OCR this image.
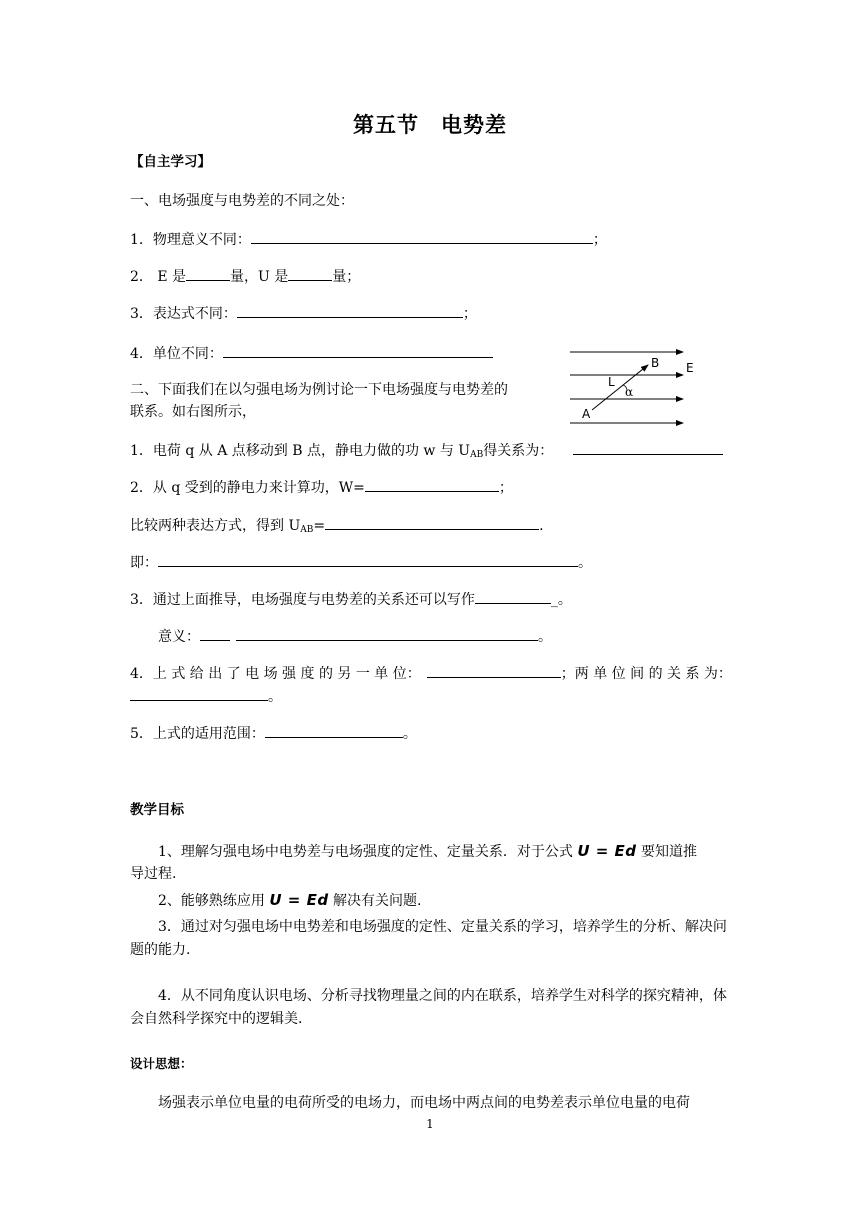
第五节　电势差
【自主学习】
一、电场强度与电势差的不同之处：
1．物理意义不同：	；
2． E 是	量，U 是	量；
3．表达式不同：	；
4．单位不同：
二、下面我们在以匀强电场为例讨论一下电场强度与电势差的
联系。如右图所示，
B E
L
α
A
1．电荷 q 从 A 点移动到 B 点，静电力做的功 w 与 $U_{AB}$得关系为：
2．从 q 受到的静电力来计算功，W=	；
比较两种表达方式，得到 $U_{AB}=$	.
即：	。
3．通过上面推导，电场强度与电势差的关系还可以写作	_。
意义：	。
4．上 式 给 出 了 电 场 强 度 的 另 一 单 位：	；两 单 位 间 的 关 系 为：
。
5．上式的适用范围：	。
教学目标
1、理解匀强电场中电势差与电场强度的定性、定量关系．对于公式 U = Ed 要知道推
导过程.
2、能够熟练应用 U = Ed 解决有关问题.
3．通过对匀强电场中电势差和电场强度的定性、定量关系的学习，培养学生的分析、解决问题的能力.
4．从不同角度认识电场、分析寻找物理量之间的内在联系，培养学生对科学的探究精神，体会自然科学探究中的逻辑美.
设计思想：
场强表示单位电量的电荷所受的电场力，而电场中两点间的电势差表示单位电量的电荷
1
